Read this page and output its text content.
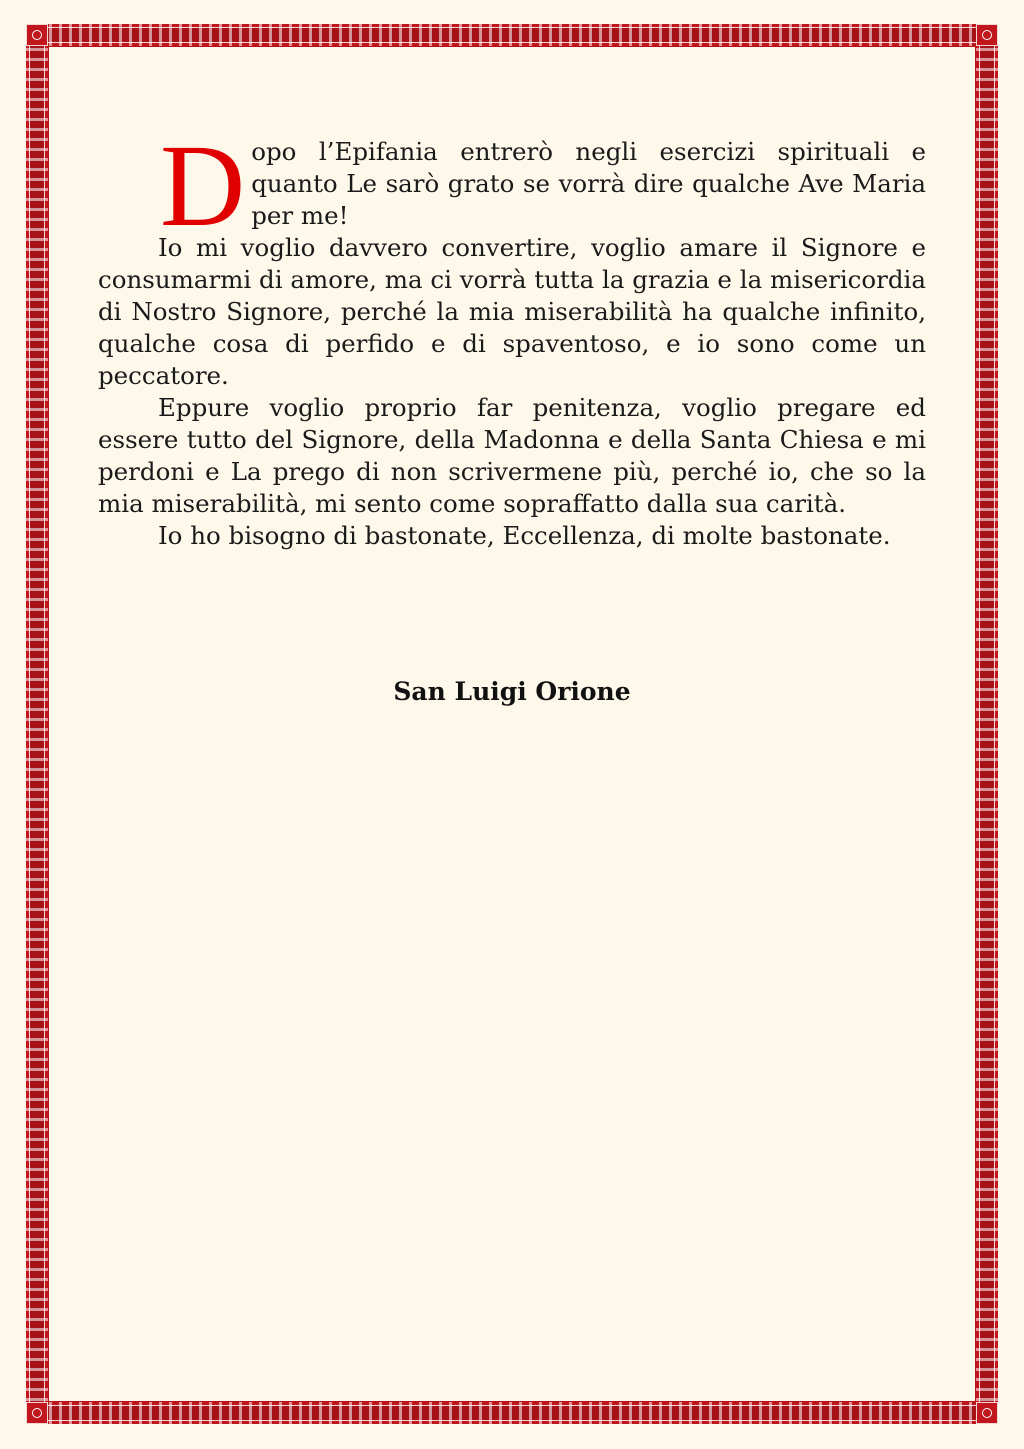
Dopo l’Epifania entrerò negli esercizi spirituali e quanto Le sarò grato se vorrà dire qualche Ave Maria per me!

Io mi voglio davvero convertire, voglio amare il Signore e consumarmi di amore, ma ci vorrà tutta la grazia e la misericordia di Nostro Signore, perché la mia miserabilità ha qualche infinito, qualche cosa di perfido e di spaventoso, e io sono come un peccatore.

Eppure voglio proprio far penitenza, voglio pregare ed essere tutto del Signore, della Madonna e della Santa Chiesa e mi perdoni e La prego di non scrivermene più, perché io, che so la mia miserabilità, mi sento come sopraffatto dalla sua carità.

Io ho bisogno di bastonate, Eccellenza, di molte bastonate.

San Luigi Orione
